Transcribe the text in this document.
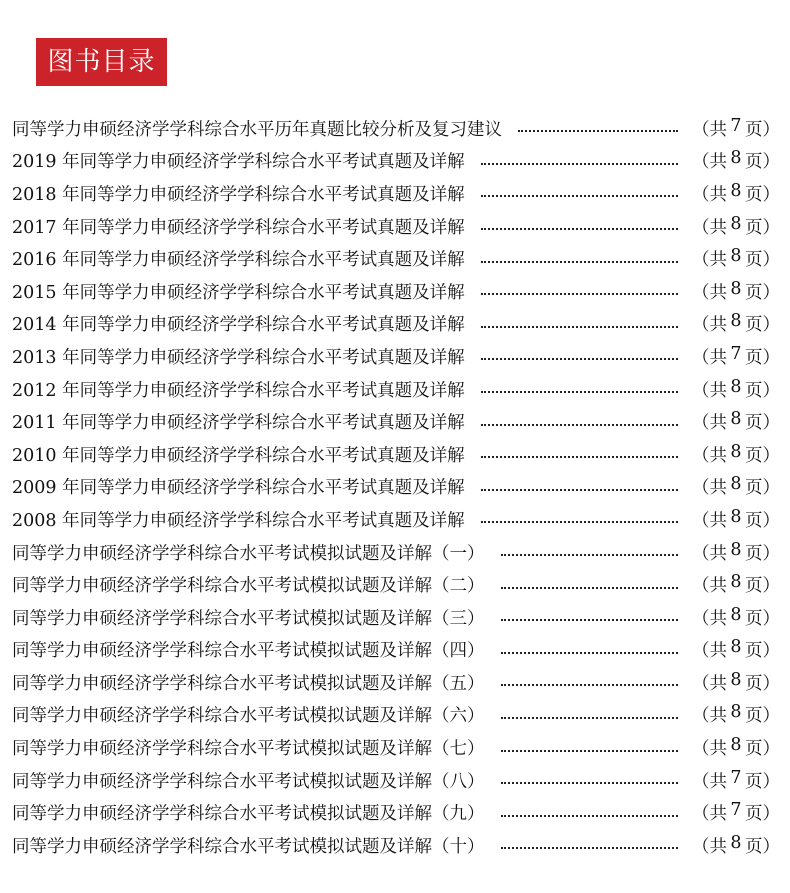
图书目录
同等学力申硕经济学学科综合水平历年真题比较分析及复习建议	（共 7 页）
2019 年同等学力申硕经济学学科综合水平考试真题及详解	（共 8 页）
2018 年同等学力申硕经济学学科综合水平考试真题及详解	（共 8 页）
2017 年同等学力申硕经济学学科综合水平考试真题及详解	（共 8 页）
2016 年同等学力申硕经济学学科综合水平考试真题及详解	（共 8 页）
2015 年同等学力申硕经济学学科综合水平考试真题及详解	（共 8 页）
2014 年同等学力申硕经济学学科综合水平考试真题及详解	（共 8 页）
2013 年同等学力申硕经济学学科综合水平考试真题及详解	（共 7 页）
2012 年同等学力申硕经济学学科综合水平考试真题及详解	（共 8 页）
2011 年同等学力申硕经济学学科综合水平考试真题及详解	（共 8 页）
2010 年同等学力申硕经济学学科综合水平考试真题及详解	（共 8 页）
2009 年同等学力申硕经济学学科综合水平考试真题及详解	（共 8 页）
2008 年同等学力申硕经济学学科综合水平考试真题及详解	（共 8 页）
同等学力申硕经济学学科综合水平考试模拟试题及详解（一）	（共 8 页）
同等学力申硕经济学学科综合水平考试模拟试题及详解（二）	（共 8 页）
同等学力申硕经济学学科综合水平考试模拟试题及详解（三）	（共 8 页）
同等学力申硕经济学学科综合水平考试模拟试题及详解（四）	（共 8 页）
同等学力申硕经济学学科综合水平考试模拟试题及详解（五）	（共 8 页）
同等学力申硕经济学学科综合水平考试模拟试题及详解（六）	（共 8 页）
同等学力申硕经济学学科综合水平考试模拟试题及详解（七）	（共 8 页）
同等学力申硕经济学学科综合水平考试模拟试题及详解（八）	（共 7 页）
同等学力申硕经济学学科综合水平考试模拟试题及详解（九）	（共 7 页）
同等学力申硕经济学学科综合水平考试模拟试题及详解（十）	（共 8 页）
